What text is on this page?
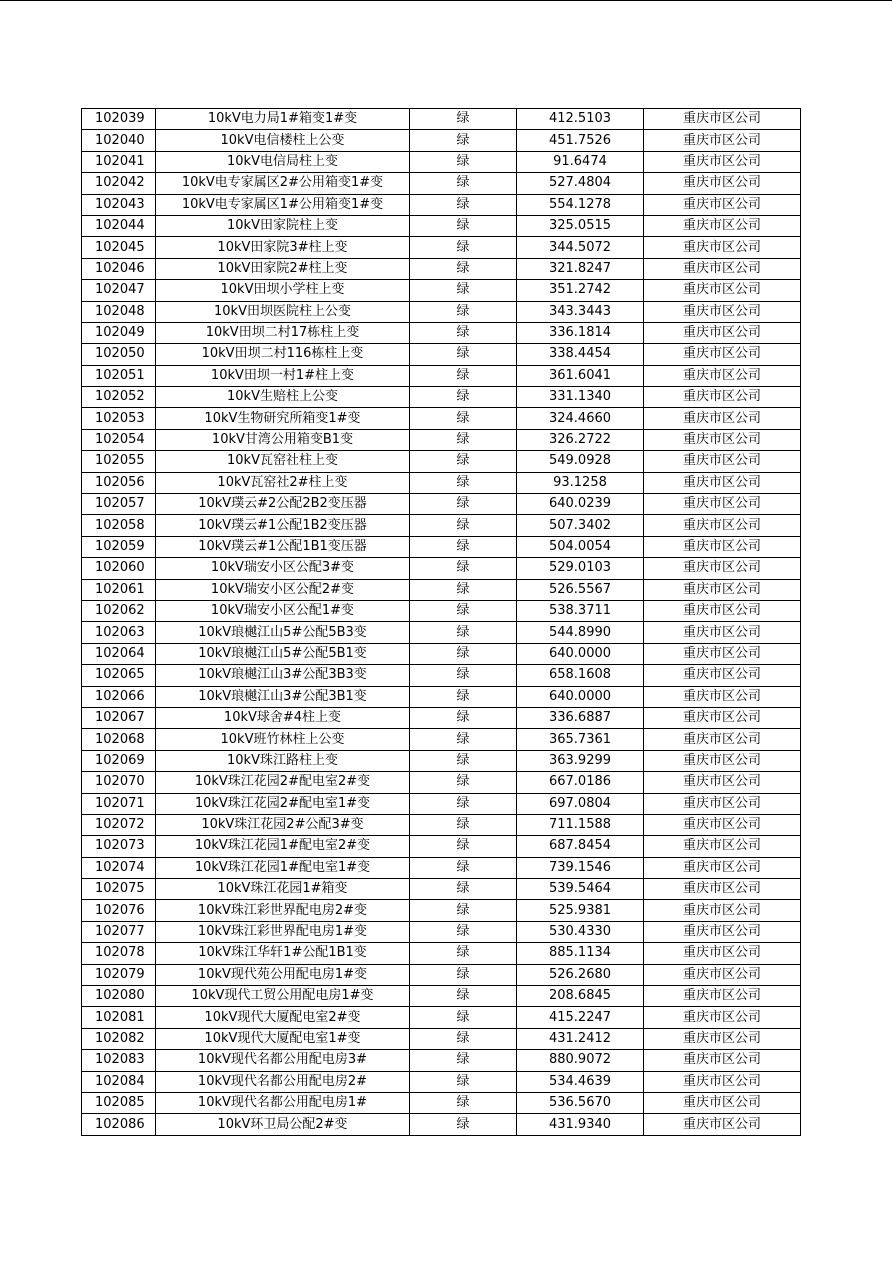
102039	10kV电力局1#箱变1#变	绿	412.5103	重庆市区公司
102040	10kV电信楼柱上公变	绿	451.7526	重庆市区公司
102041	10kV电信局柱上变	绿	91.6474	重庆市区公司
102042	10kV电专家属区2#公用箱变1#变	绿	527.4804	重庆市区公司
102043	10kV电专家属区1#公用箱变1#变	绿	554.1278	重庆市区公司
102044	10kV田家院柱上变	绿	325.0515	重庆市区公司
102045	10kV田家院3#柱上变	绿	344.5072	重庆市区公司
102046	10kV田家院2#柱上变	绿	321.8247	重庆市区公司
102047	10kV田坝小学柱上变	绿	351.2742	重庆市区公司
102048	10kV田坝医院柱上公变	绿	343.3443	重庆市区公司
102049	10kV田坝二村17栋柱上变	绿	336.1814	重庆市区公司
102050	10kV田坝二村116栋柱上变	绿	338.4454	重庆市区公司
102051	10kV田坝一村1#柱上变	绿	361.6041	重庆市区公司
102052	10kV生赔柱上公变	绿	331.1340	重庆市区公司
102053	10kV生物研究所箱变1#变	绿	324.4660	重庆市区公司
102054	10kV甘湾公用箱变B1变	绿	326.2722	重庆市区公司
102055	10kV瓦窑社柱上变	绿	549.0928	重庆市区公司
102056	10kV瓦窑社2#柱上变	绿	93.1258	重庆市区公司
102057	10kV璞云#2公配2B2变压器	绿	640.0239	重庆市区公司
102058	10kV璞云#1公配1B2变压器	绿	507.3402	重庆市区公司
102059	10kV璞云#1公配1B1变压器	绿	504.0054	重庆市区公司
102060	10kV瑞安小区公配3#变	绿	529.0103	重庆市区公司
102061	10kV瑞安小区公配2#变	绿	526.5567	重庆市区公司
102062	10kV瑞安小区公配1#变	绿	538.3711	重庆市区公司
102063	10kV琅樾江山5#公配5B3变	绿	544.8990	重庆市区公司
102064	10kV琅樾江山5#公配5B1变	绿	640.0000	重庆市区公司
102065	10kV琅樾江山3#公配3B3变	绿	658.1608	重庆市区公司
102066	10kV琅樾江山3#公配3B1变	绿	640.0000	重庆市区公司
102067	10kV球舍#4柱上变	绿	336.6887	重庆市区公司
102068	10kV班竹林柱上公变	绿	365.7361	重庆市区公司
102069	10kV珠江路柱上变	绿	363.9299	重庆市区公司
102070	10kV珠江花园2#配电室2#变	绿	667.0186	重庆市区公司
102071	10kV珠江花园2#配电室1#变	绿	697.0804	重庆市区公司
102072	10kV珠江花园2#公配3#变	绿	711.1588	重庆市区公司
102073	10kV珠江花园1#配电室2#变	绿	687.8454	重庆市区公司
102074	10kV珠江花园1#配电室1#变	绿	739.1546	重庆市区公司
102075	10kV珠江花园1#箱变	绿	539.5464	重庆市区公司
102076	10kV珠江彩世界配电房2#变	绿	525.9381	重庆市区公司
102077	10kV珠江彩世界配电房1#变	绿	530.4330	重庆市区公司
102078	10kV珠江华轩1#公配1B1变	绿	885.1134	重庆市区公司
102079	10kV现代苑公用配电房1#变	绿	526.2680	重庆市区公司
102080	10kV现代工贸公用配电房1#变	绿	208.6845	重庆市区公司
102081	10kV现代大厦配电室2#变	绿	415.2247	重庆市区公司
102082	10kV现代大厦配电室1#变	绿	431.2412	重庆市区公司
102083	10kV现代名都公用配电房3#	绿	880.9072	重庆市区公司
102084	10kV现代名都公用配电房2#	绿	534.4639	重庆市区公司
102085	10kV现代名都公用配电房1#	绿	536.5670	重庆市区公司
102086	10kV环卫局公配2#变	绿	431.9340	重庆市区公司
